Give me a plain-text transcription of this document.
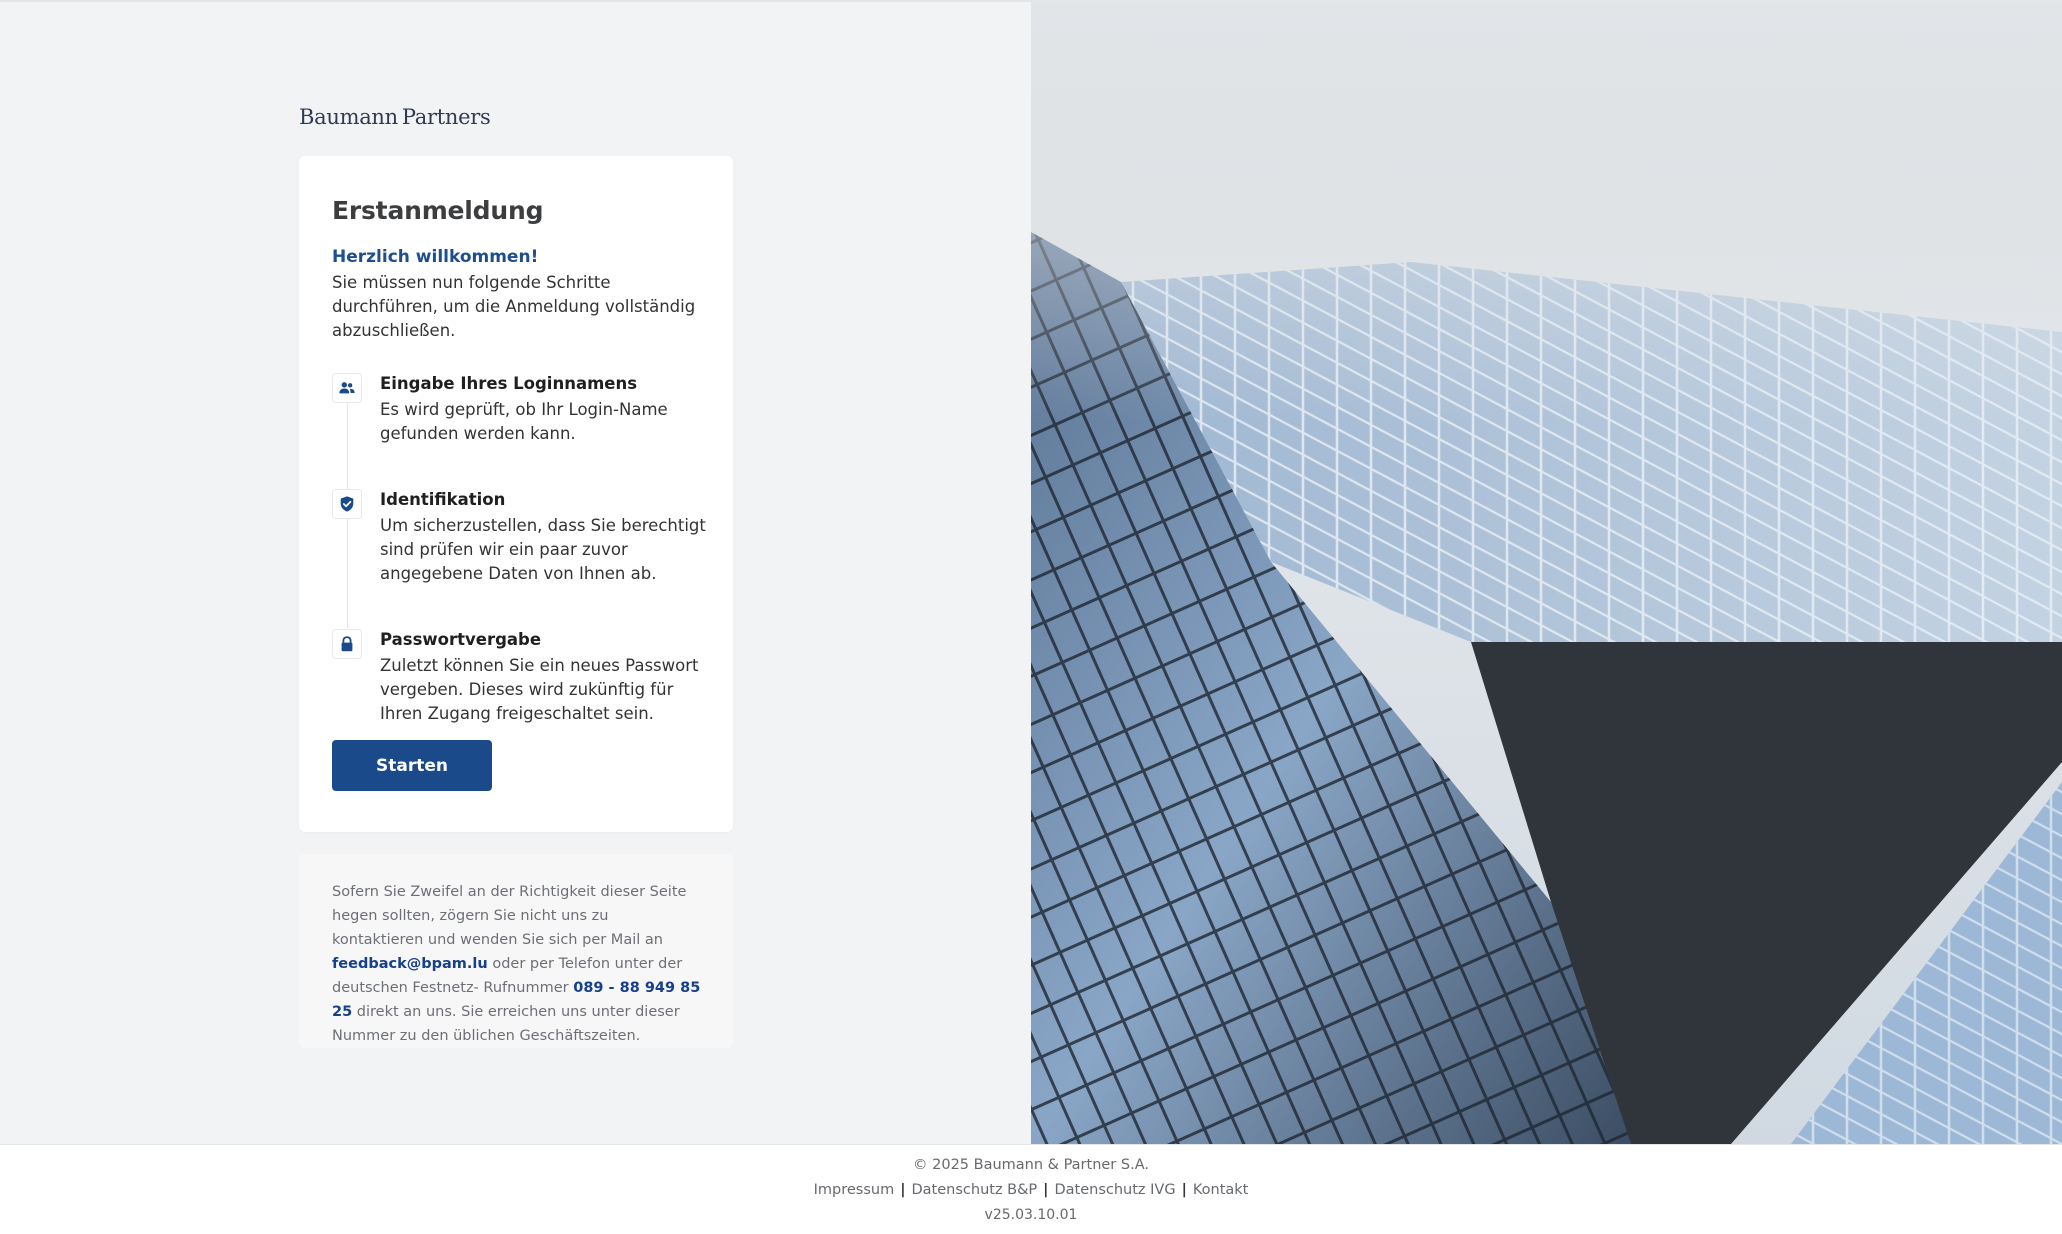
Baumann Partners
Erstanmeldung
Herzlich willkommen!
Sie müssen nun folgende Schritte durchführen, um die Anmeldung vollständig abzuschließen.
Eingabe Ihres Loginnamens
Es wird geprüft, ob Ihr Login-Name gefunden werden kann.
Identifikation
Um sicherzustellen, dass Sie berechtigt sind prüfen wir ein paar zuvor angegebene Daten von Ihnen ab.
Passwortvergabe
Zuletzt können Sie ein neues Passwort vergeben. Dieses wird zukünftig für Ihren Zugang freigeschaltet sein.
Starten
Sofern Sie Zweifel an der Richtigkeit dieser Seite hegen sollten, zögern Sie nicht uns zu kontaktieren und wenden Sie sich per Mail an feedback@bpam.lu oder per Telefon unter der deutschen Festnetz- Rufnummer 089 - 88 949 85 25 direkt an uns. Sie erreichen uns unter dieser Nummer zu den üblichen Geschäftszeiten.
© 2025 Baumann & Partner S.A.
Impressum | Datenschutz B&P | Datenschutz IVG | Kontakt
v25.03.10.01
